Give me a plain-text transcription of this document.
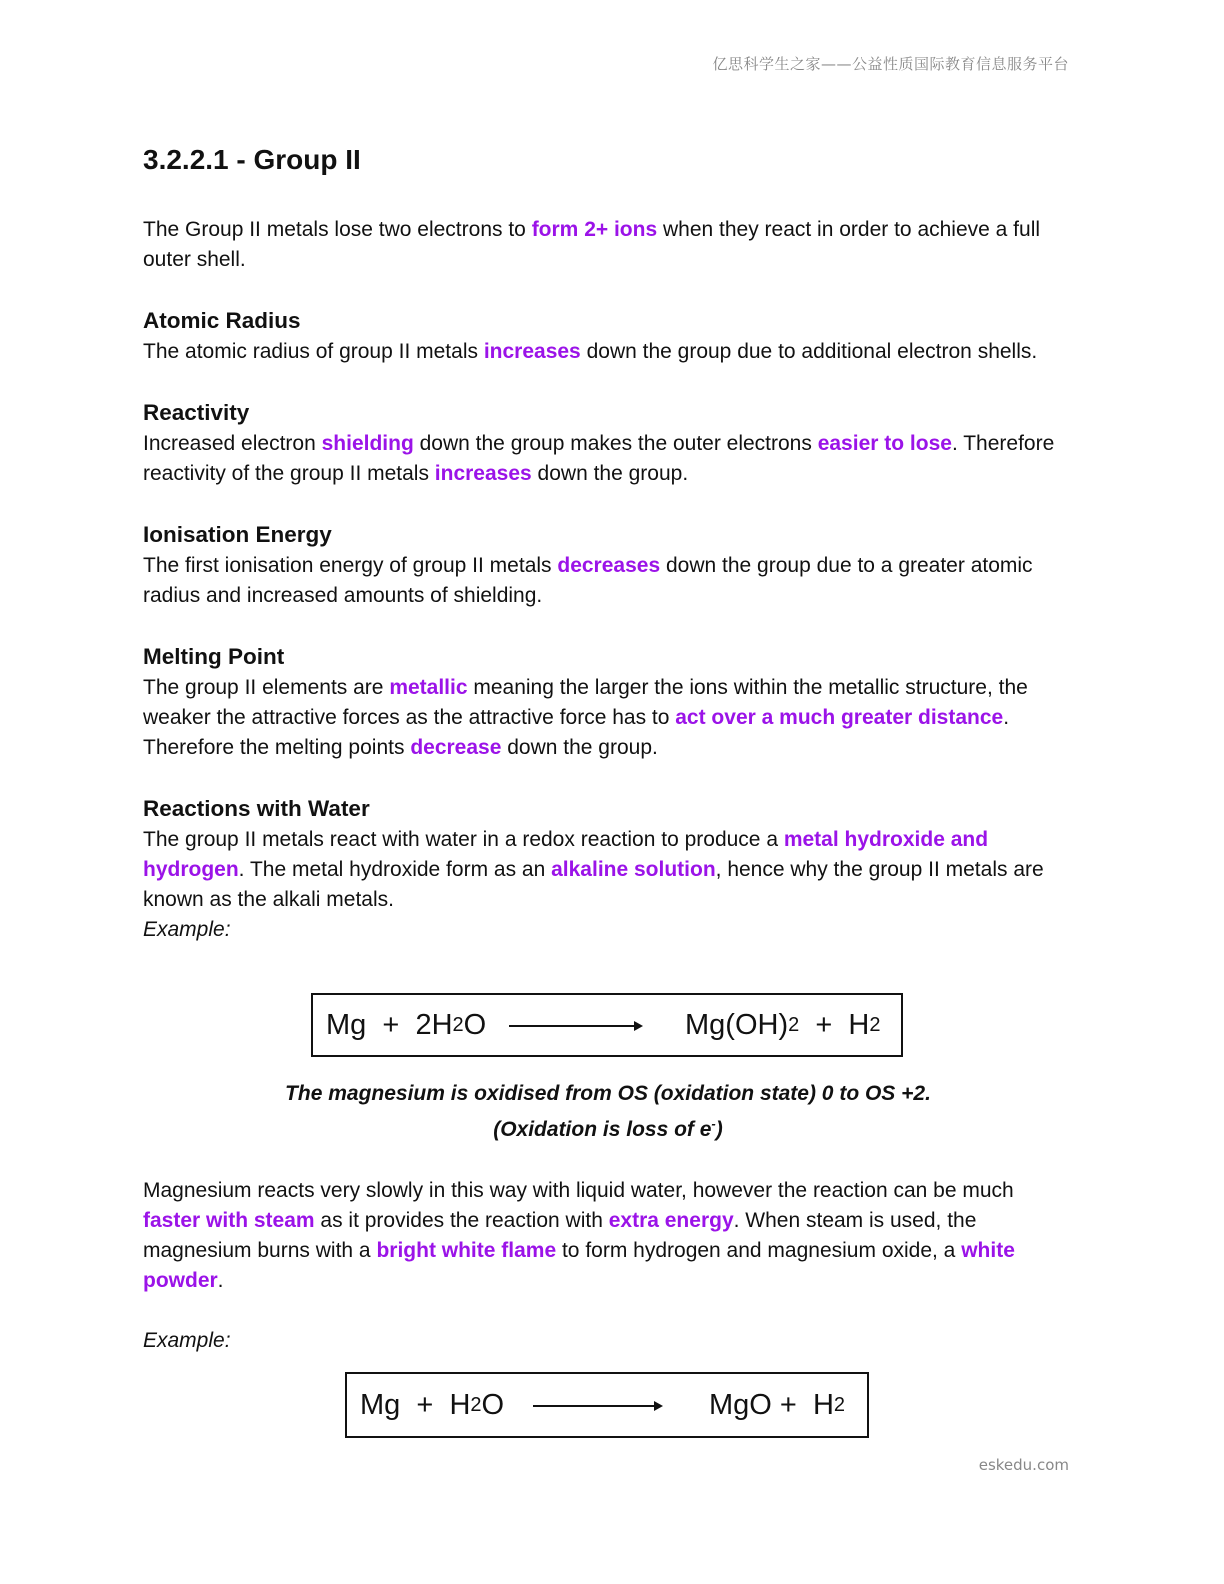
亿思科学生之家——公益性质国际教育信息服务平台
3.2.2.1 - Group II

The Group II metals lose two electrons to form 2+ ions when they react in order to achieve a full outer shell.

Atomic Radius

The atomic radius of group II metals increases down the group due to additional electron shells.

Reactivity

Increased electron shielding down the group makes the outer electrons easier to lose. Therefore reactivity of the group II metals increases down the group.

Ionisation Energy

The first ionisation energy of group II metals decreases down the group due to a greater atomic radius and increased amounts of shielding.

Melting Point

The group II elements are metallic meaning the larger the ions within the metallic structure, the weaker the attractive forces as the attractive force has to act over a much greater distance. Therefore the melting points decrease down the group.

Reactions with Water

The group II metals react with water in a redox reaction to produce a metal hydroxide and hydrogen. The metal hydroxide form as an alkaline solution, hence why the group II metals are known as the alkali metals.

Example:

Mg  +  2H 2 O	Mg(OH) 2 +  H 2
The magnesium is oxidised from OS (oxidation state) 0 to OS +2.
(Oxidation is loss of e-)

Magnesium reacts very slowly in this way with liquid water, however the reaction can be much faster with steam as it provides the reaction with extra energy. When steam is used, the magnesium burns with a bright white flame to form hydrogen and magnesium oxide, a white powder.

Example:

Mg  +  H 2 O	MgO +  H 2
eskedu.com
